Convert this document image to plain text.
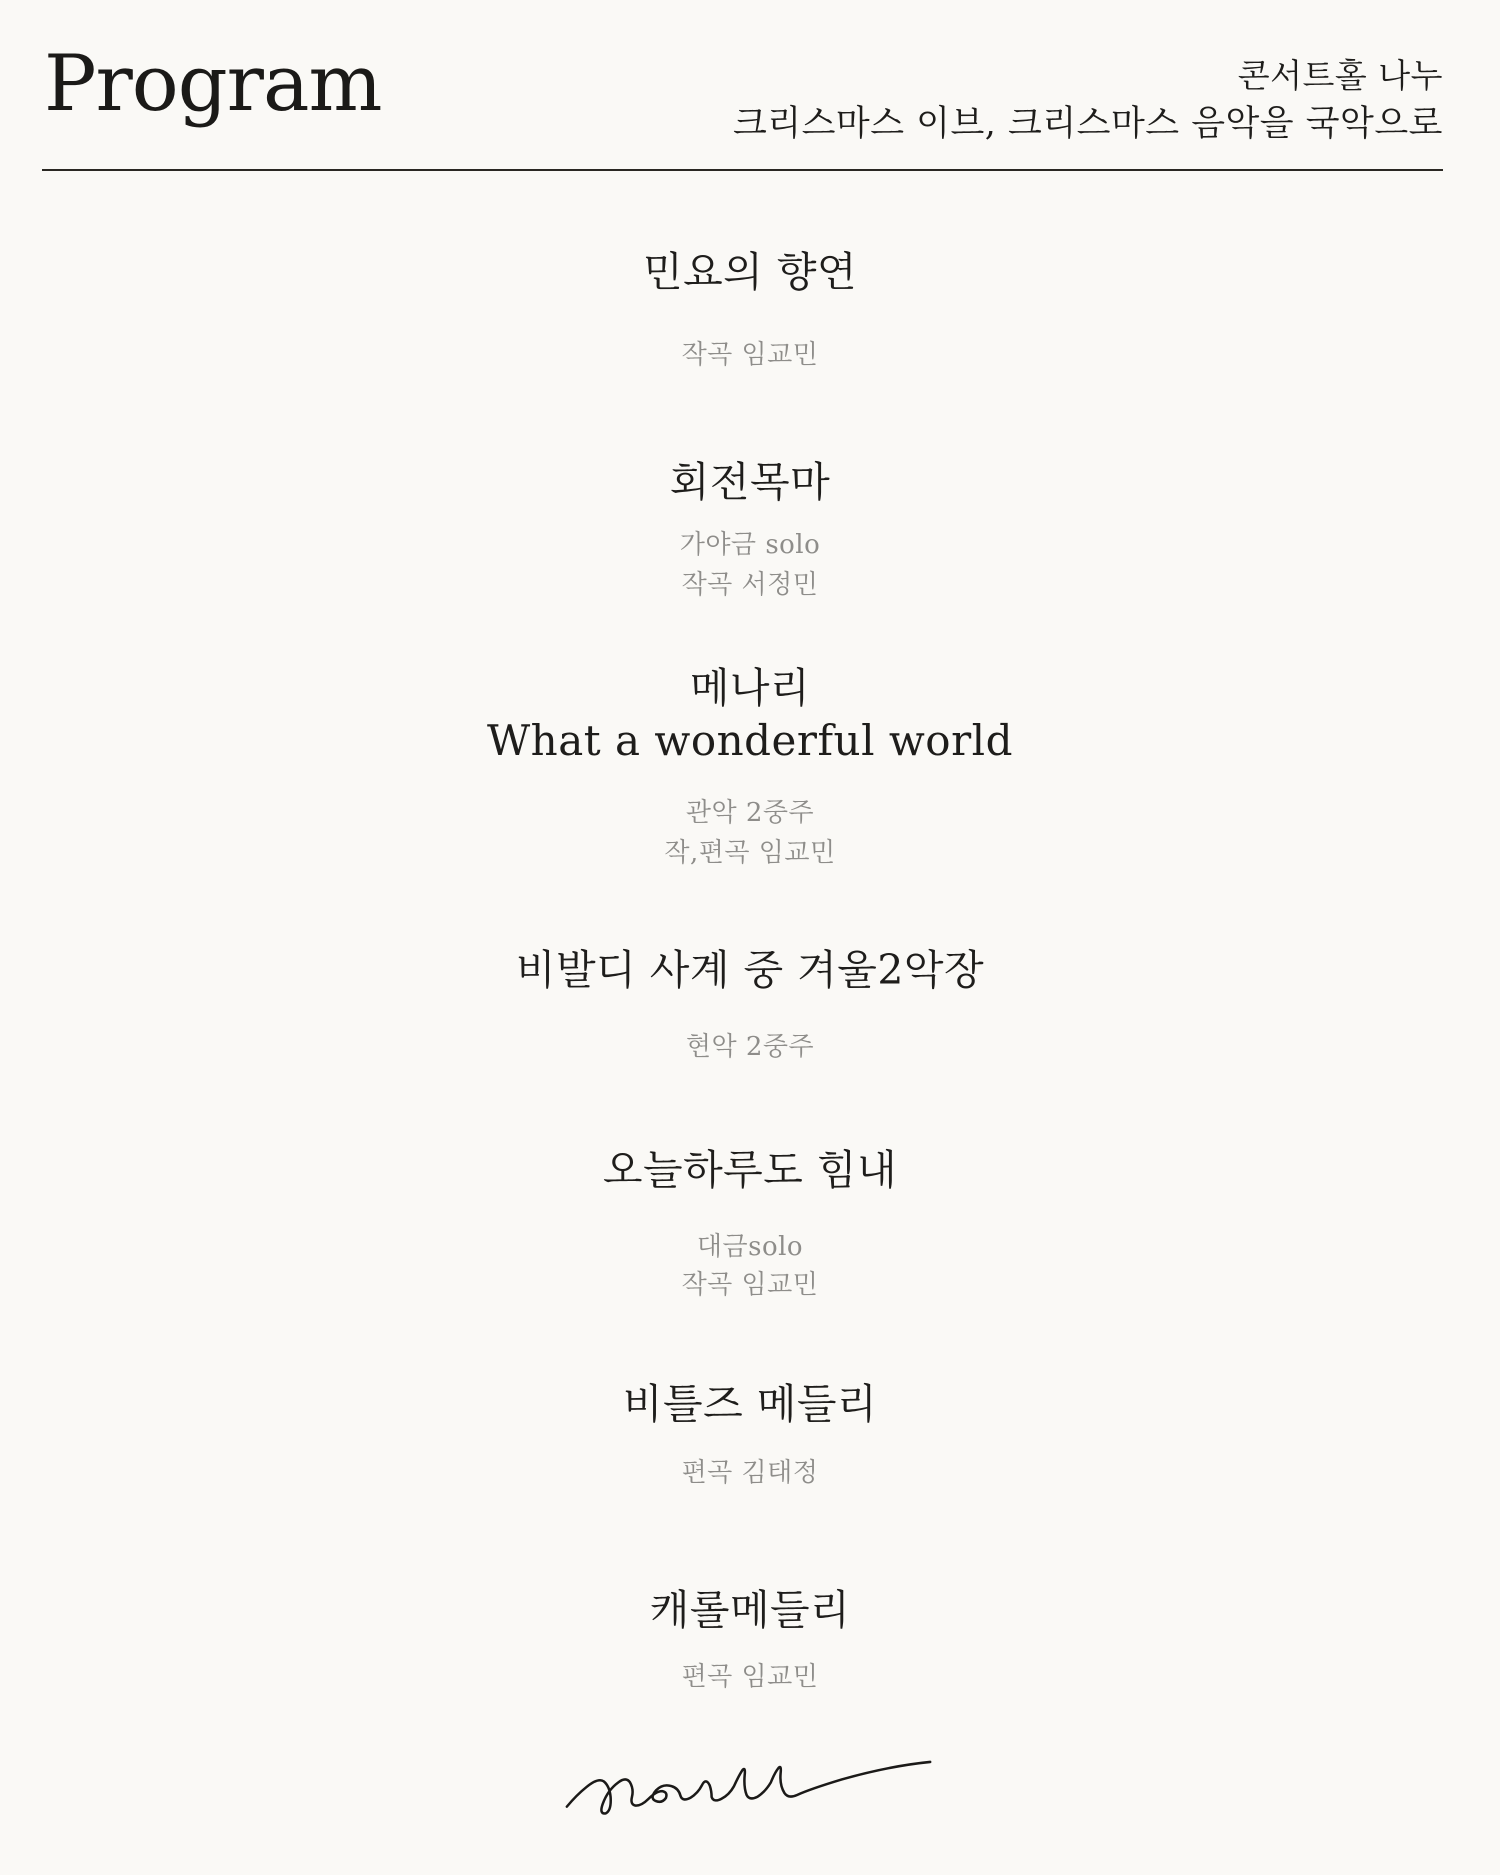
Program	콘서트홀 나누
크리스마스 이브, 크리스마스 음악을 국악으로
민요의 향연
작곡 임교민
회전목마
가야금 solo
작곡 서정민
메나리
What a wonderful world
관악 2중주
작,편곡 임교민
비발디 사계 중 겨울2악장
현악 2중주
오늘하루도 힘내
대금solo
작곡 임교민
비틀즈 메들리
편곡 김태정
캐롤메들리
편곡 임교민
